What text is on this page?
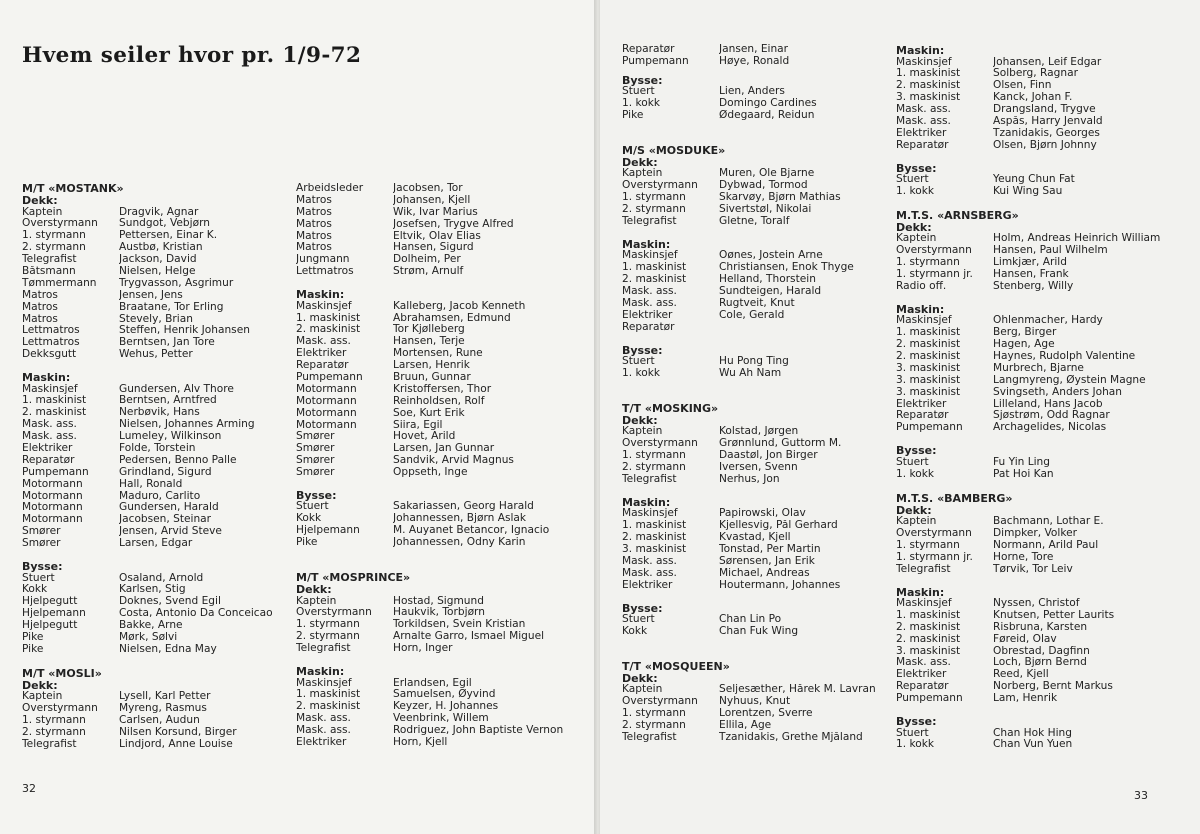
Hvem seiler hvor pr. 1/9-72
M/T «MOSTANK»
Dekk:
Kaptein	Dragvik, Agnar
Overstyrmann	Sundgot, Vebjørn
1. styrmann	Pettersen, Einar K.
2. styrmann	Austbø, Kristian
Telegrafist	Jackson, David
Båtsmann	Nielsen, Helge
Tømmermann	Trygvasson, Asgrimur
Matros	Jensen, Jens
Matros	Braatane, Tor Erling
Matros	Stevely, Brian
Lettmatros	Steffen, Henrik Johansen
Lettmatros	Berntsen, Jan Tore
Dekksgutt	Wehus, Petter
Maskin:
Maskinsjef	Gundersen, Alv Thore
1. maskinist	Berntsen, Arntfred
2. maskinist	Nerbøvik, Hans
Mask. ass.	Nielsen, Johannes Arming
Mask. ass.	Lumeley, Wilkinson
Elektriker	Folde, Torstein
Reparatør	Pedersen, Benno Palle
Pumpemann	Grindland, Sigurd
Motormann	Hall, Ronald
Motormann	Maduro, Carlito
Motormann	Gundersen, Harald
Motormann	Jacobsen, Steinar
Smører	Jensen, Arvid Steve
Smører	Larsen, Edgar
Bysse:
Stuert	Osaland, Arnold
Kokk	Karlsen, Stig
Hjelpegutt	Doknes, Svend Egil
Hjelpemann	Costa, Antonio Da Conceicao
Hjelpegutt	Bakke, Arne
Pike	Mørk, Sølvi
Pike	Nielsen, Edna May
M/T «MOSLI»
Dekk:
Kaptein	Lysell, Karl Petter
Overstyrmann	Myreng, Rasmus
1. styrmann	Carlsen, Audun
2. styrmann	Nilsen Korsund, Birger
Telegrafist	Lindjord, Anne Louise
Arbeidsleder	Jacobsen, Tor
Matros	Johansen, Kjell
Matros	Wik, Ivar Marius
Matros	Josefsen, Trygve Alfred
Matros	Eltvik, Olav Elias
Matros	Hansen, Sigurd
Jungmann	Dolheim, Per
Lettmatros	Strøm, Arnulf
Maskin:
Maskinsjef	Kalleberg, Jacob Kenneth
1. maskinist	Abrahamsen, Edmund
2. maskinist	Tor Kjølleberg
Mask. ass.	Hansen, Terje
Elektriker	Mortensen, Rune
Reparatør	Larsen, Henrik
Pumpemann	Bruun, Gunnar
Motormann	Kristoffersen, Thor
Motormann	Reinholdsen, Rolf
Motormann	Soe, Kurt Erik
Motormann	Siira, Egil
Smører	Hovet, Arild
Smører	Larsen, Jan Gunnar
Smører	Sandvik, Arvid Magnus
Smører	Oppseth, Inge
Bysse:
Stuert	Sakariassen, Georg Harald
Kokk	Johannessen, Bjørn Aslak
Hjelpemann	M. Auyanet Betancor, Ignacio
Pike	Johannessen, Odny Karin
M/T «MOSPRINCE»
Dekk:
Kaptein	Hostad, Sigmund
Overstyrmann	Haukvik, Torbjørn
1. styrmann	Torkildsen, Svein Kristian
2. styrmann	Arnalte Garro, Ismael Miguel
Telegrafist	Horn, Inger
Maskin:
Maskinsjef	Erlandsen, Egil
1. maskinist	Samuelsen, Øyvind
2. maskinist	Keyzer, H. Johannes
Mask. ass.	Veenbrink, Willem
Mask. ass.	Rodriguez, John Baptiste Vernon
Elektriker	Horn, Kjell
32
Reparatør	Jansen, Einar
Pumpemann	Høye, Ronald
Bysse:
Stuert	Lien, Anders
1. kokk	Domingo Cardines
Pike	Ødegaard, Reidun
M/S «MOSDUKE»
Dekk:
Kaptein	Muren, Ole Bjarne
Overstyrmann	Dybwad, Tormod
1. styrmann	Skarvøy, Bjørn Mathias
2. styrmann	Sivertstøl, Nikolai
Telegrafist	Gletne, Toralf
Maskin:
Maskinsjef	Oønes, Jostein Arne
1. maskinist	Christiansen, Enok Thyge
2. maskinist	Helland, Thorstein
Mask. ass.	Sundteigen, Harald
Mask. ass.	Rugtveit, Knut
Elektriker	Cole, Gerald
Reparatør
Bysse:
Stuert	Hu Pong Ting
1. kokk	Wu Ah Nam
T/T «MOSKING»
Dekk:
Kaptein	Kolstad, Jørgen
Overstyrmann	Grønnlund, Guttorm M.
1. styrmann	Daastøl, Jon Birger
2. styrmann	Iversen, Svenn
Telegrafist	Nerhus, Jon
Maskin:
Maskinsjef	Papirowski, Olav
1. maskinist	Kjellesvig, Pål Gerhard
2. maskinist	Kvastad, Kjell
3. maskinist	Tonstad, Per Martin
Mask. ass.	Sørensen, Jan Erik
Mask. ass.	Michael, Andreas
Elektriker	Houtermann, Johannes
Bysse:
Stuert	Chan Lin Po
Kokk	Chan Fuk Wing
T/T «MOSQUEEN»
Dekk:
Kaptein	Seljesæther, Hårek M. Lavran
Overstyrmann	Nyhuus, Knut
1. styrmann	Lorentzen, Sverre
2. styrmann	Ellila, Åge
Telegrafist	Tzanidakis, Grethe Mjåland
Maskin:
Maskinsjef	Johansen, Leif Edgar
1. maskinist	Solberg, Ragnar
2. maskinist	Olsen, Finn
3. maskinist	Kanck, Johan F.
Mask. ass.	Drangsland, Trygve
Mask. ass.	Aspås, Harry Jenvald
Elektriker	Tzanidakis, Georges
Reparatør	Olsen, Bjørn Johnny
Bysse:
Stuert	Yeung Chun Fat
1. kokk	Kui Wing Sau
M.T.S. «ARNSBERG»
Dekk:
Kaptein	Holm, Andreas Heinrich William
Overstyrmann	Hansen, Paul Wilhelm
1. styrmann	Limkjær, Arild
1. styrmann jr.	Hansen, Frank
Radio off.	Stenberg, Willy
Maskin:
Maskinsjef	Ohlenmacher, Hardy
1. maskinist	Berg, Birger
2. maskinist	Hagen, Åge
2. maskinist	Haynes, Rudolph Valentine
3. maskinist	Murbrech, Bjarne
3. maskinist	Langmyreng, Øystein Magne
3. maskinist	Svingseth, Anders Johan
Elektriker	Lilleland, Hans Jacob
Reparatør	Sjøstrøm, Odd Ragnar
Pumpemann	Archagelides, Nicolas
Bysse:
Stuert	Fu Yin Ling
1. kokk	Pat Hoi Kan
M.T.S. «BAMBERG»
Dekk:
Kaptein	Bachmann, Lothar E.
Overstyrmann	Dimpker, Volker
1. styrmann	Normann, Arild Paul
1. styrmann jr.	Horne, Tore
Telegrafist	Tørvik, Tor Leiv
Maskin:
Maskinsjef	Nyssen, Christof
1. maskinist	Knutsen, Petter Laurits
2. maskinist	Risbruna, Karsten
2. maskinist	Føreid, Olav
3. maskinist	Obrestad, Dagfinn
Mask. ass.	Loch, Bjørn Bernd
Elektriker	Reed, Kjell
Reparatør	Norberg, Bernt Markus
Pumpemann	Lam, Henrik
Bysse:
Stuert	Chan Hok Hing
1. kokk	Chan Vun Yuen
33
